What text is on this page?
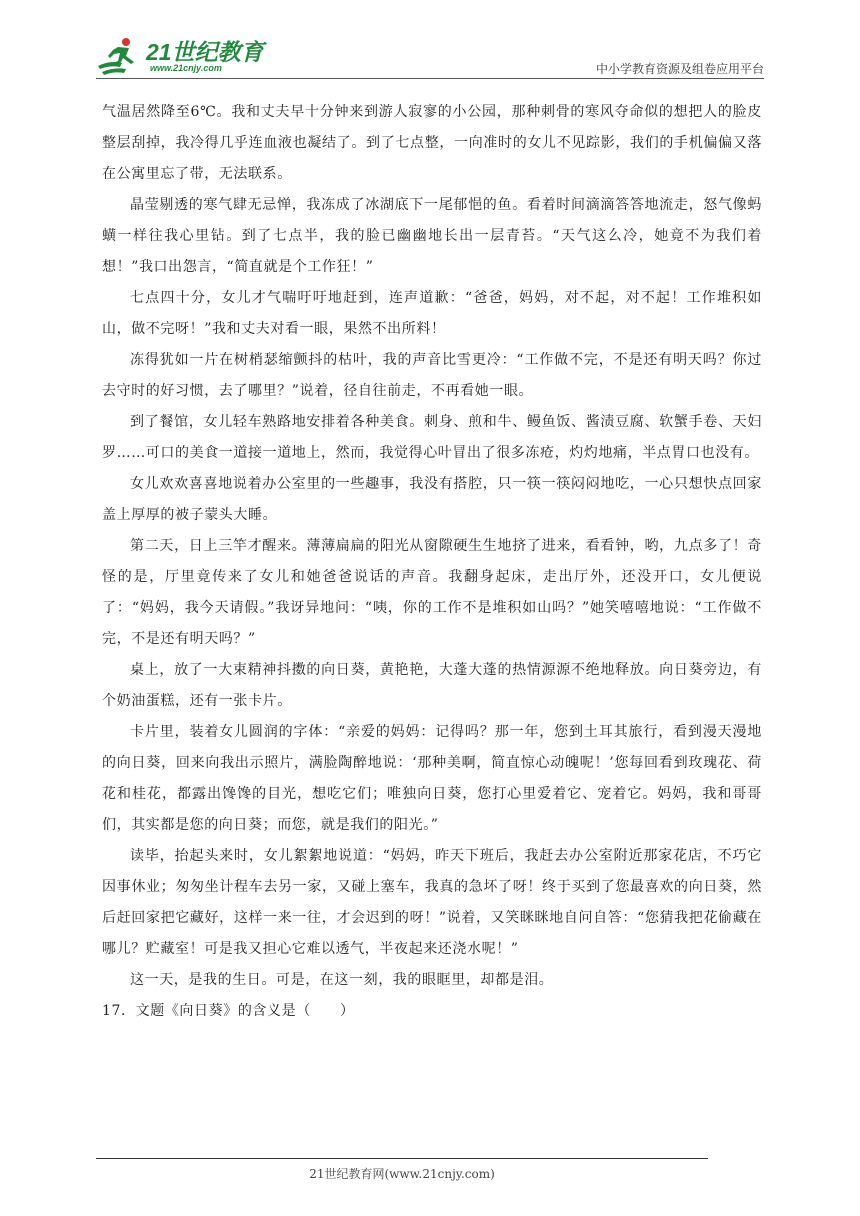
21世纪教育
www.21cnjy.com	中小学教育资源及组卷应用平台

气温居然降至6℃。我和丈夫早十分钟来到游人寂寥的小公园，那种刺骨的寒风夺命似的想把人的脸皮整层刮掉，我冷得几乎连血液也凝结了。到了七点整，一向准时的女儿不见踪影，我们的手机偏偏又落在公寓里忘了带，无法联系。

晶莹剔透的寒气肆无忌惮，我冻成了冰湖底下一尾郁悒的鱼。看着时间滴滴答答地流走，怒气像蚂蟥一样往我心里钻。到了七点半，我的脸已幽幽地长出一层青苔。“天气这么冷，她竟不为我们着想！”我口出怨言，“简直就是个工作狂！”

七点四十分，女儿才气喘吁吁地赶到，连声道歉：“爸爸，妈妈，对不起，对不起！工作堆积如山，做不完呀！”我和丈夫对看一眼，果然不出所料！

冻得犹如一片在树梢瑟缩颤抖的枯叶，我的声音比雪更冷：“工作做不完，不是还有明天吗？你过去守时的好习惯，去了哪里？”说着，径自往前走，不再看她一眼。

到了餐馆，女儿轻车熟路地安排着各种美食。刺身、煎和牛、鳗鱼饭、酱渍豆腐、软蟹手卷、天妇罗……可口的美食一道接一道地上，然而，我觉得心叶冒出了很多冻疮，灼灼地痛，半点胃口也没有。

女儿欢欢喜喜地说着办公室里的一些趣事，我没有搭腔，只一筷一筷闷闷地吃，一心只想快点回家盖上厚厚的被子蒙头大睡。

第二天，日上三竿才醒来。薄薄扁扁的阳光从窗隙硬生生地挤了进来，看看钟，哟，九点多了！奇怪的是，厅里竟传来了女儿和她爸爸说话的声音。我翻身起床，走出厅外，还没开口，女儿便说了：“妈妈，我今天请假。”我讶异地问：“咦，你的工作不是堆积如山吗？”她笑嘻嘻地说：“工作做不完，不是还有明天吗？”

桌上，放了一大束精神抖擞的向日葵，黄艳艳，大蓬大蓬的热情源源不绝地释放。向日葵旁边，有个奶油蛋糕，还有一张卡片。

卡片里，装着女儿圆润的字体：“亲爱的妈妈：记得吗？那一年，您到土耳其旅行，看到漫天漫地的向日葵，回来向我出示照片，满脸陶醉地说：‘那种美啊，简直惊心动魄呢！’您每回看到玫瑰花、荷花和桂花，都露出馋馋的目光，想吃它们；唯独向日葵，您打心里爱着它、宠着它。妈妈，我和哥哥们，其实都是您的向日葵；而您，就是我们的阳光。”

读毕，抬起头来时，女儿絮絮地说道：“妈妈，昨天下班后，我赶去办公室附近那家花店，不巧它因事休业；匆匆坐计程车去另一家，又碰上塞车，我真的急坏了呀！终于买到了您最喜欢的向日葵，然后赶回家把它藏好，这样一来一往，才会迟到的呀！”说着，又笑眯眯地自问自答：“您猜我把花偷藏在哪儿？贮藏室！可是我又担心它难以透气，半夜起来还浇水呢！”

这一天，是我的生日。可是，在这一刻，我的眼眶里，却都是泪。

17．文题《向日葵》的含义是（　　）

21世纪教育网(www.21cnjy.com)
